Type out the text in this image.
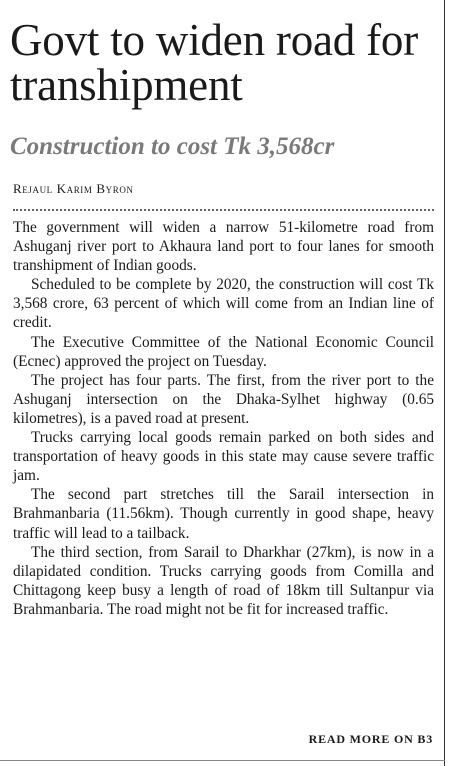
Govt to widen road for transhipment
Construction to cost Tk 3,568cr
Rejaul Karim Byron

The government will widen a narrow 51-kilometre road from Ashuganj river port to Akhaura land port to four lanes for smooth transhipment of Indian goods.

Scheduled to be complete by 2020, the construction will cost Tk 3,568 crore, 63 percent of which will come from an Indian line of credit.

The Executive Committee of the National Economic Council (Ecnec) approved the project on Tuesday.

The project has four parts. The first, from the river port to the Ashuganj intersection on the Dhaka-Sylhet highway (0.65 kilometres), is a paved road at present.

Trucks carrying local goods remain parked on both sides and transportation of heavy goods in this state may cause severe traffic jam.

The second part stretches till the Sarail intersection in Brahmanbaria (11.56km). Though currently in good shape, heavy traffic will lead to a tailback.

The third section, from Sarail to Dharkhar (27km), is now in a dilapidated condition. Trucks carrying goods from Comilla and Chittagong keep busy a length of road of 18km till Sultanpur via Brahmanbaria. The road might not be fit for increased traffic.

READ MORE ON B3
